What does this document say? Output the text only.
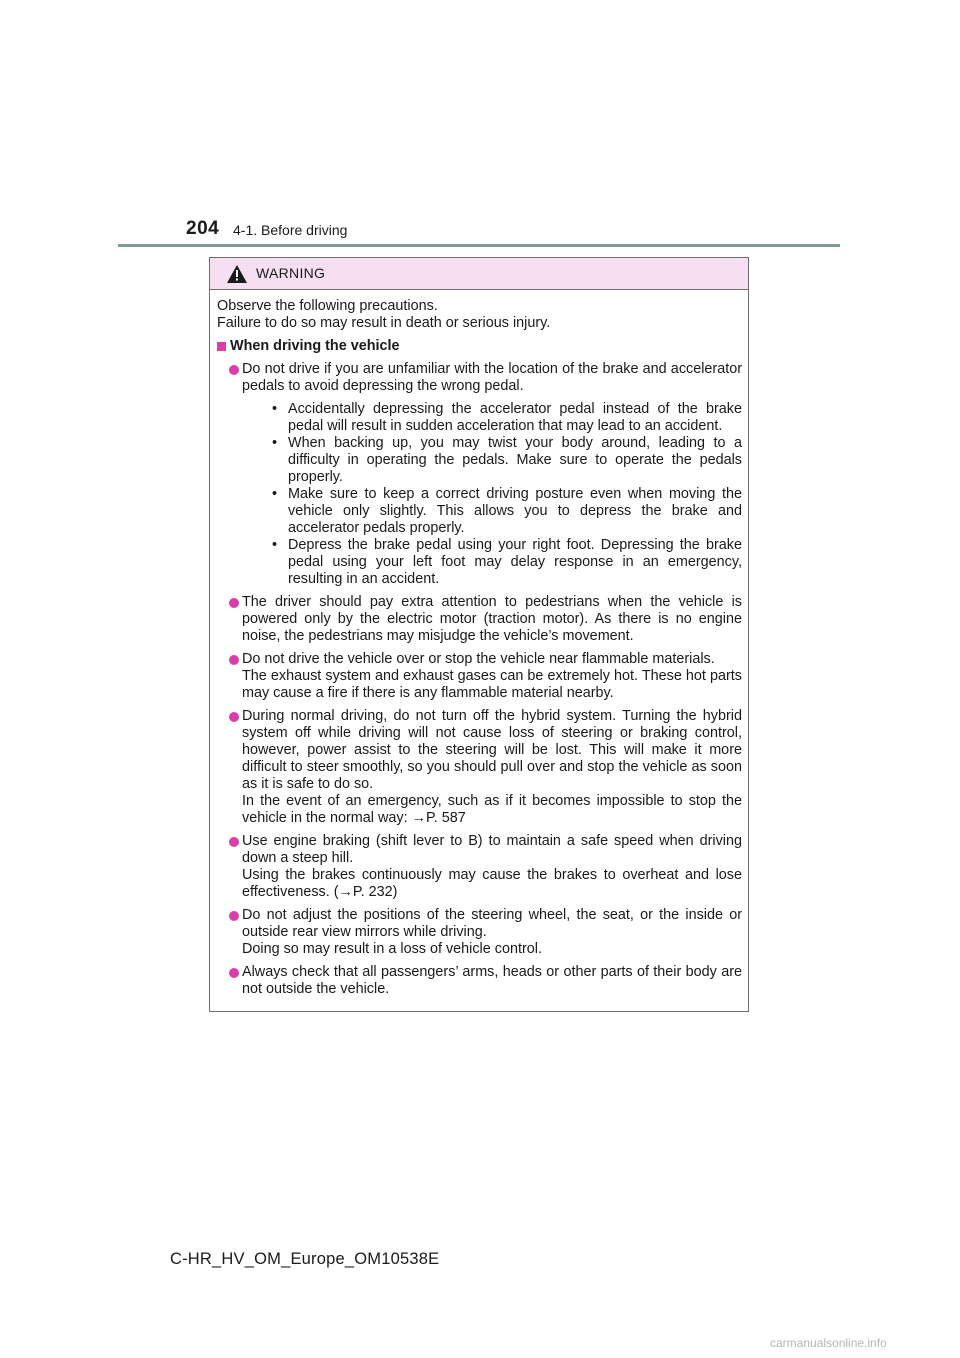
204 4-1. Before driving
WARNING

Observe the following precautions.

Failure to do so may result in death or serious injury.

When driving the vehicle

Do not drive if you are unfamiliar with the location of the brake and accelerator pedals to avoid depressing the wrong pedal.

• Accidentally depressing the accelerator pedal instead of the brake pedal will result in sudden acceleration that may lead to an accident.
• When backing up, you may twist your body around, leading to a difficulty in operating the pedals. Make sure to operate the pedals properly.
• Make sure to keep a correct driving posture even when moving the vehicle only slightly. This allows you to depress the brake and accelerator pedals properly.
• Depress the brake pedal using your right foot. Depressing the brake pedal using your left foot may delay response in an emergency, resulting in an accident.

The driver should pay extra attention to pedestrians when the vehicle is powered only by the electric motor (traction motor). As there is no engine noise, the pedestrians may misjudge the vehicle’s movement.

Do not drive the vehicle over or stop the vehicle near flammable materials.

The exhaust system and exhaust gases can be extremely hot. These hot parts may cause a fire if there is any flammable material nearby.

During normal driving, do not turn off the hybrid system. Turning the hybrid system off while driving will not cause loss of steering or braking control, however, power assist to the steering will be lost. This will make it more difficult to steer smoothly, so you should pull over and stop the vehicle as soon as it is safe to do so.

In the event of an emergency, such as if it becomes impossible to stop the vehicle in the normal way: →P. 587

Use engine braking (shift lever to B) to maintain a safe speed when driving down a steep hill.

Using the brakes continuously may cause the brakes to overheat and lose effectiveness. (→P. 232)

Do not adjust the positions of the steering wheel, the seat, or the inside or outside rear view mirrors while driving.

Doing so may result in a loss of vehicle control.

Always check that all passengers’ arms, heads or other parts of their body are not outside the vehicle.

C-HR_HV_OM_Europe_OM10538E
carmanualsonline.info
